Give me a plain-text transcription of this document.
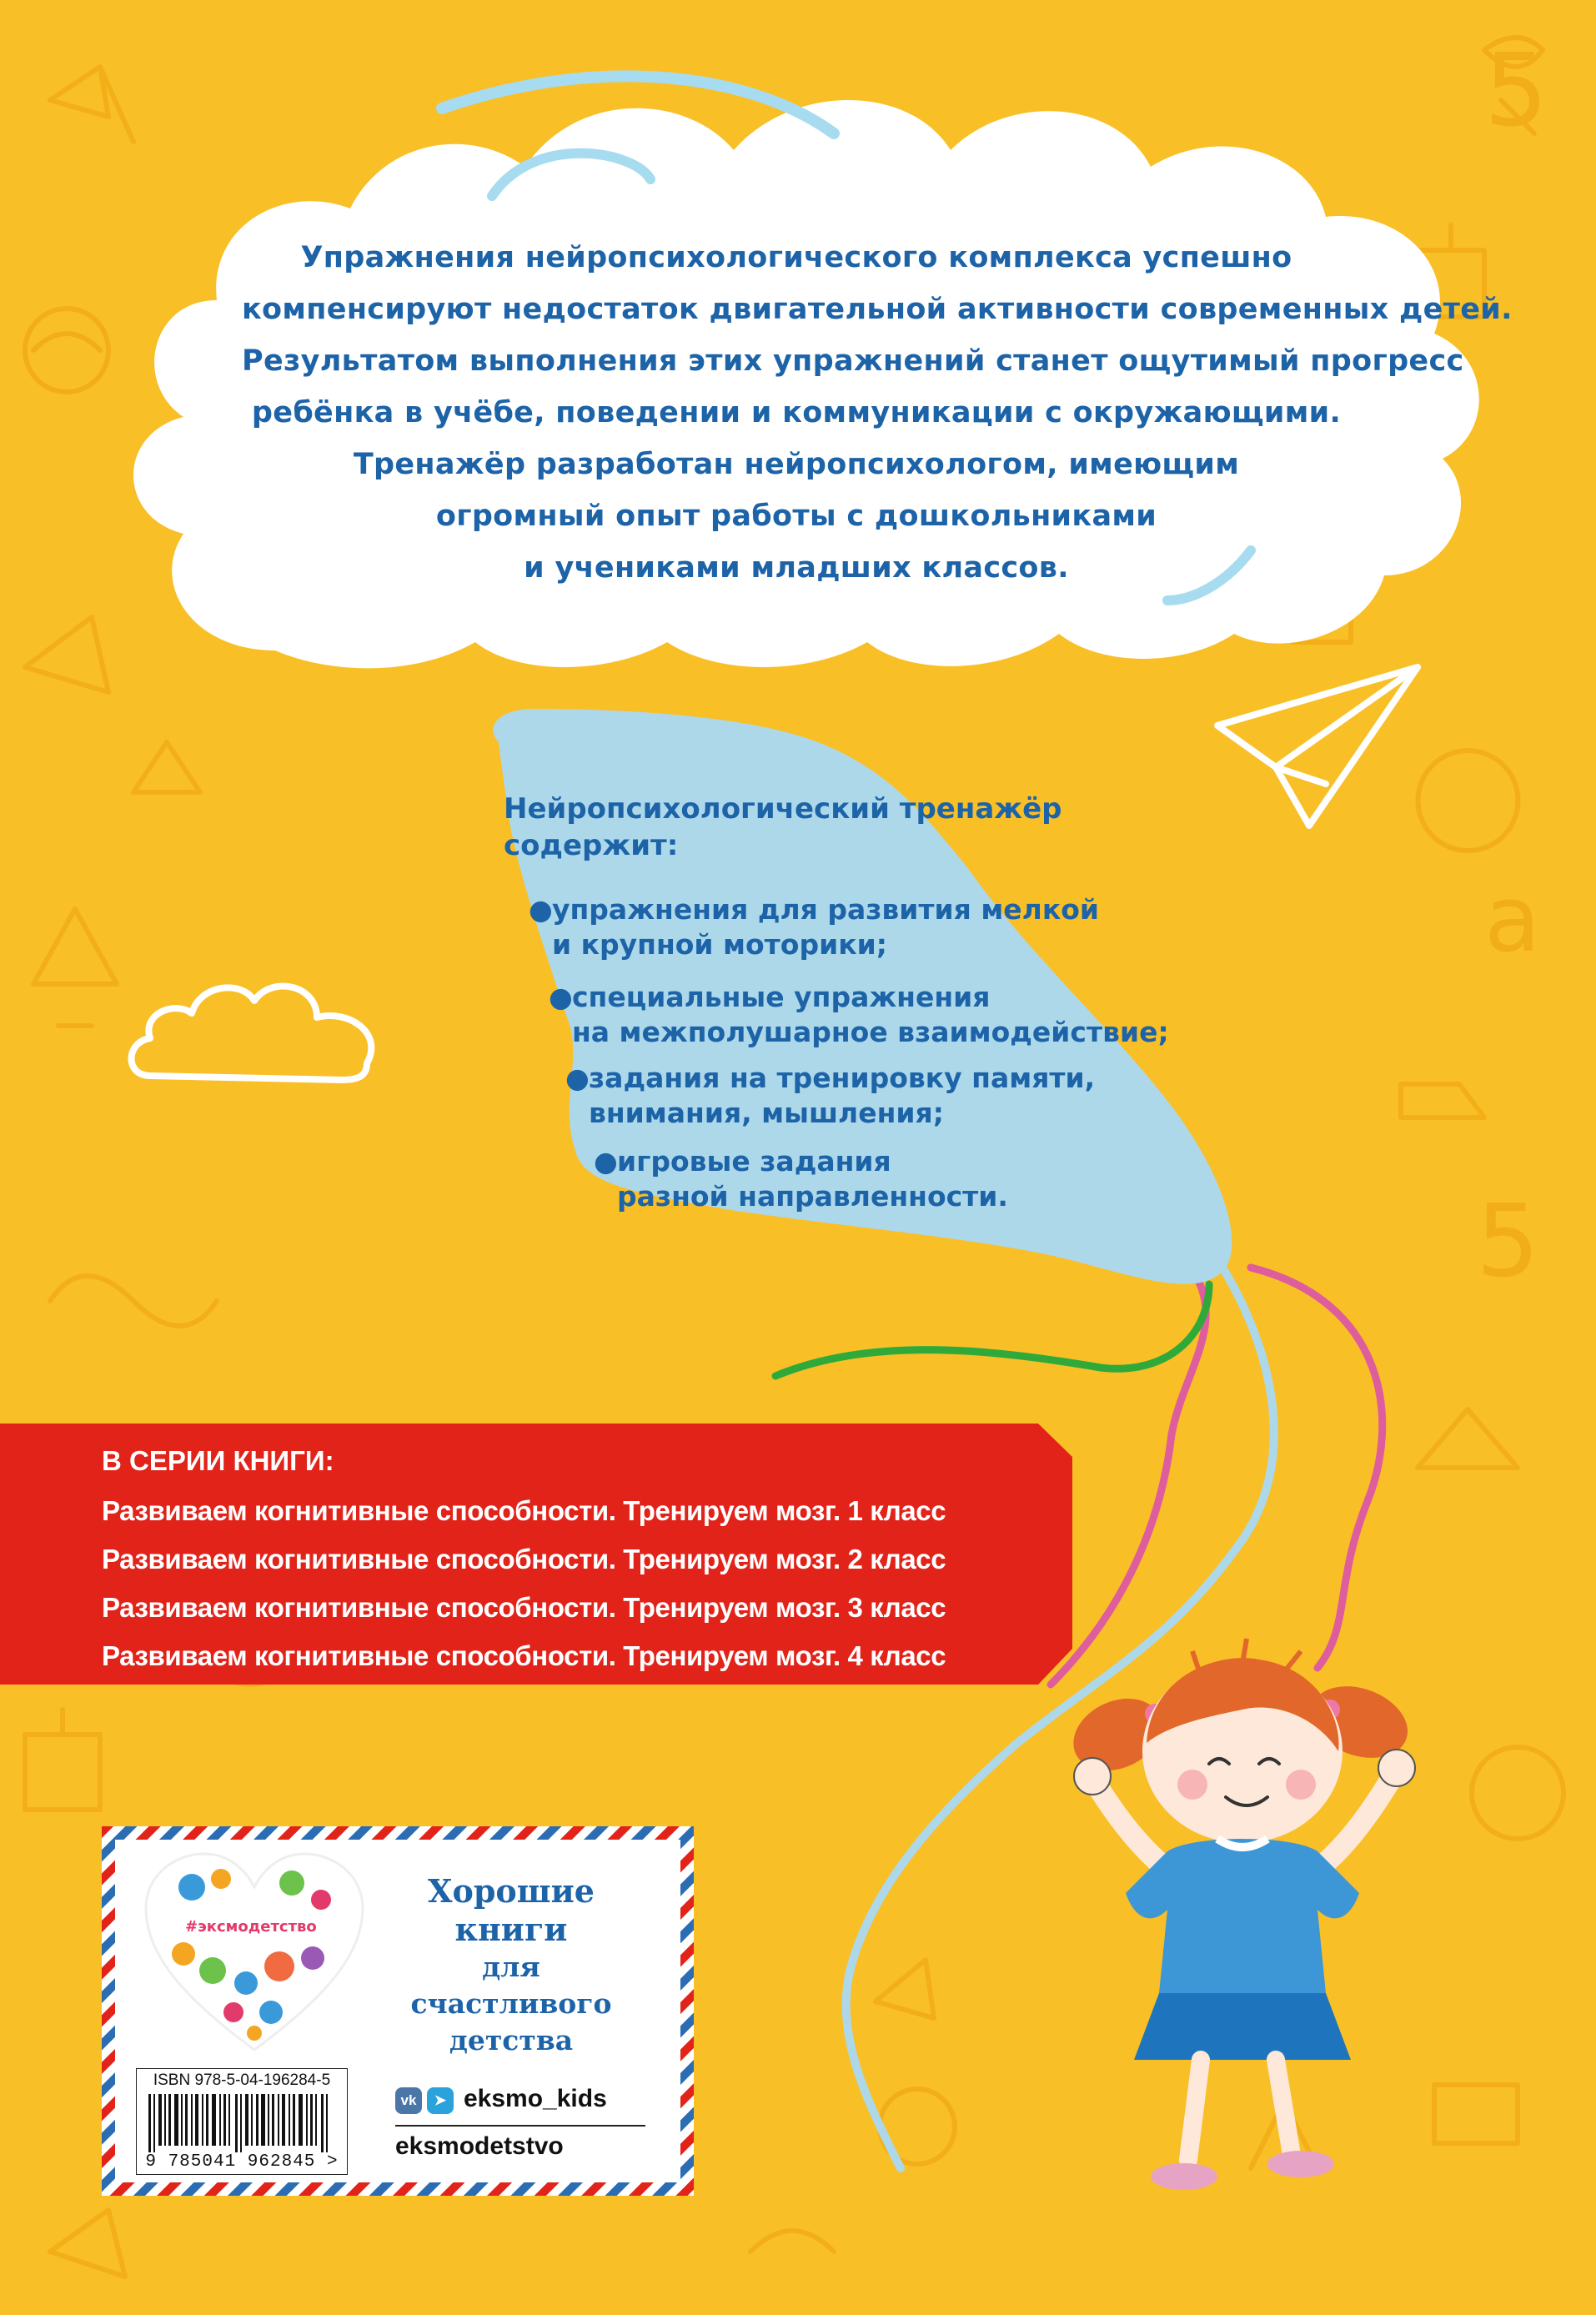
5
a
5
Упражнения нейропсихологического комплекса успешно
компенсируют недостаток двигательной активности современных детей.
Результатом выполнения этих упражнений станет ощутимый прогресс
ребёнка в учёбе, поведении и коммуникации с окружающими.
Тренажёр разработан нейропсихологом, имеющим
огромный опыт работы с дошкольниками
и учениками младших классов.
Нейропсихологический тренажёр
содержит:
● упражнения для развития мелкой
и крупной моторики;
● специальные упражнения
на межполушарное взаимодействие;
● задания на тренировку памяти,
внимания, мышления;
● игровые задания
разной направленности.
В СЕРИИ КНИГИ:
Развиваем когнитивные способности. Тренируем мозг. 1 класс
Развиваем когнитивные способности. Тренируем мозг. 2 класс
Развиваем когнитивные способности. Тренируем мозг. 3 класс
Развиваем когнитивные способности. Тренируем мозг. 4 класс
#эксмодетство
Хорошие
книги
для счастливого
детства
ISBN 978-5-04-196284-5
9 785041 962845 >
vk	➤ eksmo_kids
eksmodetstvo
